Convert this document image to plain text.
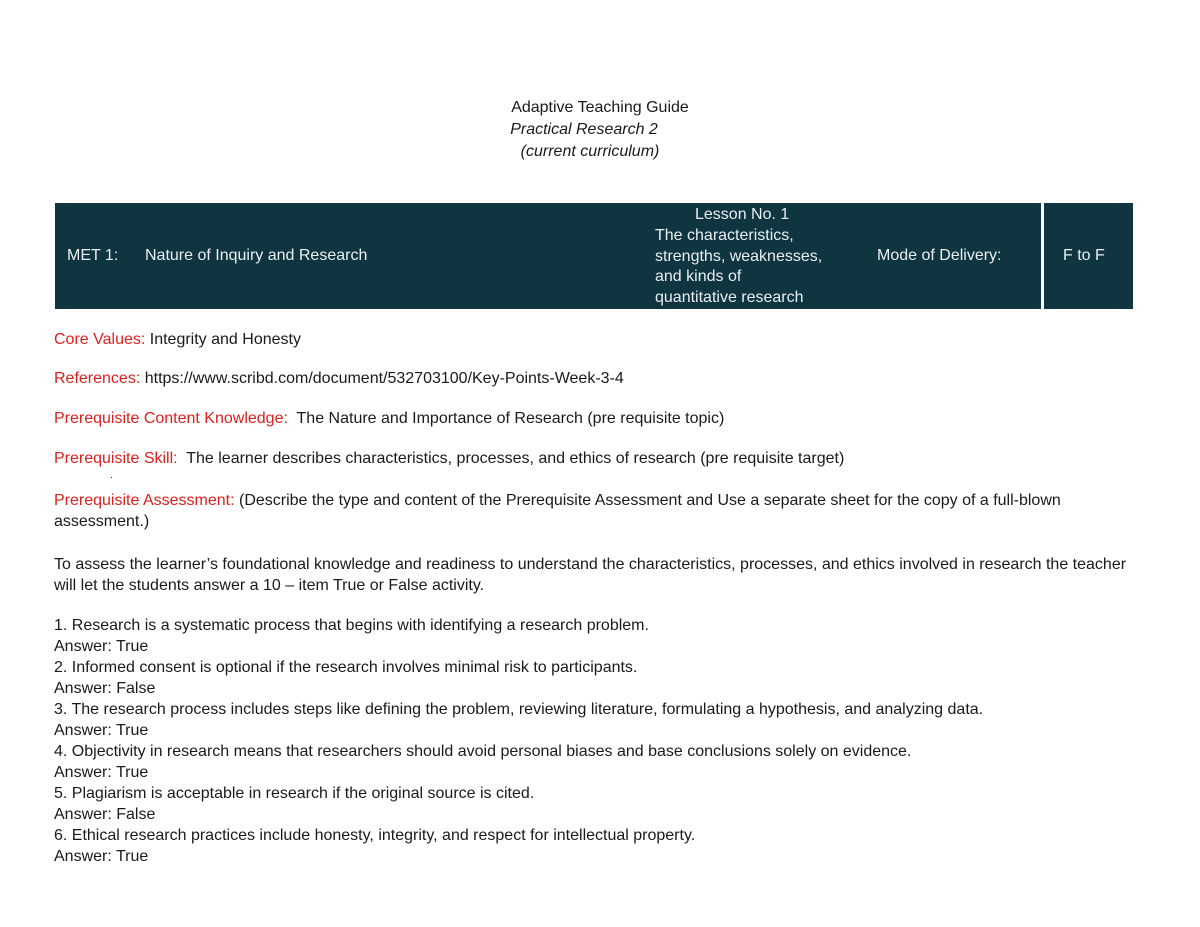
Adaptive Teaching Guide
Practical Research 2
(current curriculum)
MET 1: Nature of Inquiry and Research
Lesson No. 1
The characteristics,
strengths, weaknesses,
and kinds of
quantitative research
Mode of Delivery:	F to F
Core Values: Integrity and Honesty
References: https://www.scribd.com/document/532703100/Key-Points-Week-3-4
Prerequisite Content Knowledge: The Nature and Importance of Research (pre requisite topic)
Prerequisite Skill: The learner describes characteristics, processes, and ethics of research (pre requisite target)
.
Prerequisite Assessment: (Describe the type and content of the Prerequisite Assessment and Use a separate sheet for the copy of a full-blown assessment.)
To assess the learner’s foundational knowledge and readiness to understand the characteristics, processes, and ethics involved in research the teacher will let the students answer a 10 – item True or False activity.
1. Research is a systematic process that begins with identifying a research problem.
Answer: True
2. Informed consent is optional if the research involves minimal risk to participants.
Answer: False
3. The research process includes steps like defining the problem, reviewing literature, formulating a hypothesis, and analyzing data.
Answer: True
4. Objectivity in research means that researchers should avoid personal biases and base conclusions solely on evidence.
Answer: True
5. Plagiarism is acceptable in research if the original source is cited.
Answer: False
6. Ethical research practices include honesty, integrity, and respect for intellectual property.
Answer: True
